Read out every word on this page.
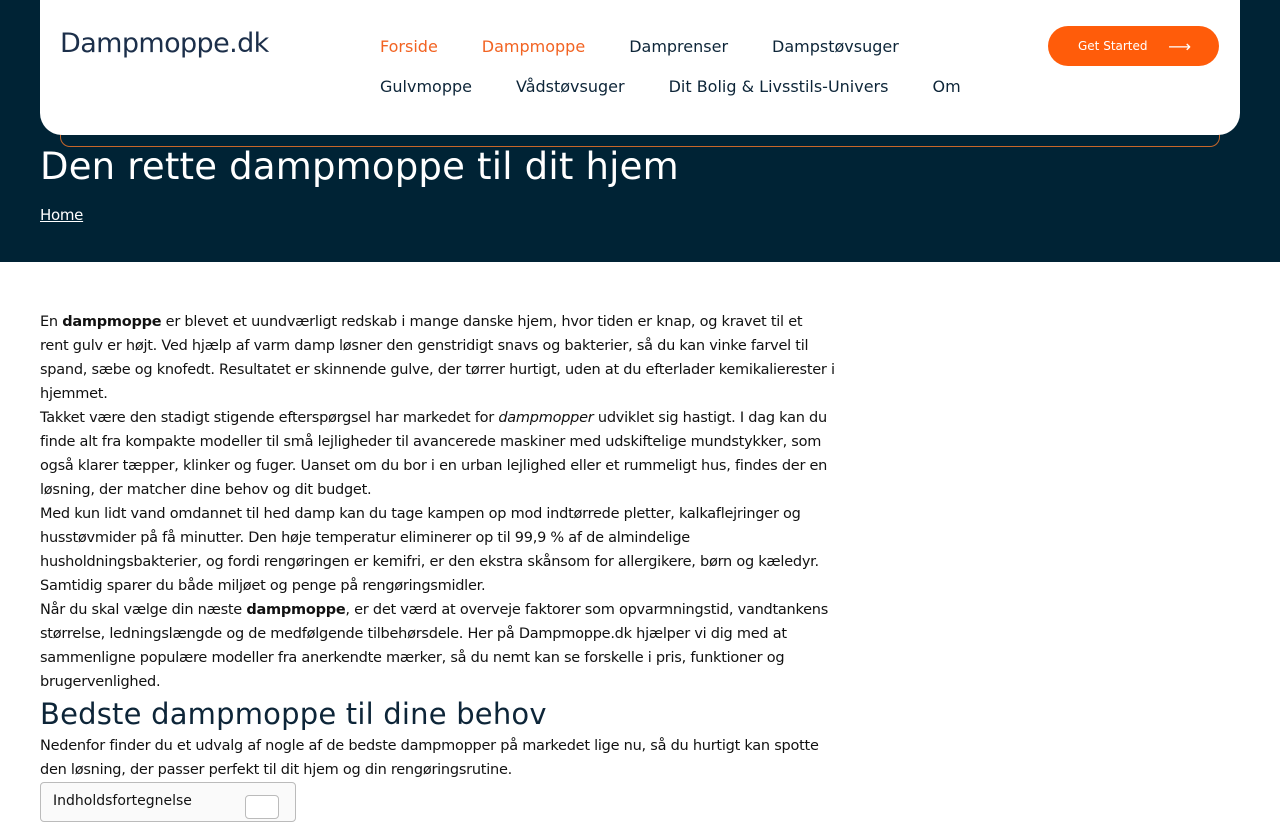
Den rette dampmoppe til dit hjem
Home
Dampmoppe.dk	Forside	Dampmoppe	Damprenser	Dampstøvsuger
Gulvmoppe	Vådstøvsuger	Dit Bolig & Livsstils-Univers	Om
Get Started ⟶

En dampmoppe er blevet et uundværligt redskab i mange danske hjem, hvor tiden er knap, og kravet til et rent gulv er højt. Ved hjælp af varm damp løsner den genstridigt snavs og bakterier, så du kan vinke farvel til spand, sæbe og knofedt. Resultatet er skinnende gulve, der tørrer hurtigt, uden at du efterlader kemikalierester i hjemmet.

Takket være den stadigt stigende efterspørgsel har markedet for dampmopper udviklet sig hastigt. I dag kan du finde alt fra kompakte modeller til små lejligheder til avancerede maskiner med udskiftelige mundstykker, som også klarer tæpper, klinker og fuger. Uanset om du bor i en urban lejlighed eller et rummeligt hus, findes der en løsning, der matcher dine behov og dit budget.

Med kun lidt vand omdannet til hed damp kan du tage kampen op mod indtørrede pletter, kalkaflejringer og husstøvmider på få minutter. Den høje temperatur eliminerer op til 99,9 % af de almindelige husholdningsbakterier, og fordi rengøringen er kemifri, er den ekstra skånsom for allergikere, børn og kæledyr. Samtidig sparer du både miljøet og penge på rengøringsmidler.

Når du skal vælge din næste dampmoppe, er det værd at overveje faktorer som opvarmningstid, vandtankens størrelse, ledningslængde og de medfølgende tilbehørsdele. Her på Dampmoppe.dk hjælper vi dig med at sammenligne populære modeller fra anerkendte mærker, så du nemt kan se forskelle i pris, funktioner og brugervenlighed.

Bedste dampmoppe til dine behov

Nedenfor finder du et udvalg af nogle af de bedste dampmopper på markedet lige nu, så du hurtigt kan spotte den løsning, der passer perfekt til dit hjem og din rengøringsrutine.

Indholdsfortegnelse
